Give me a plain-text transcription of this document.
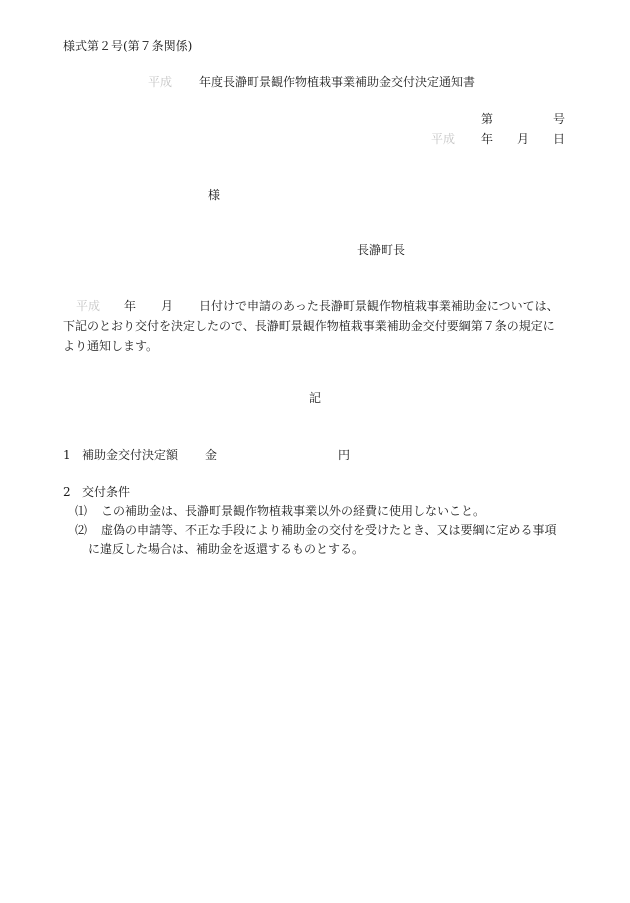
様式第２号(第７条関係)
平成 年度長瀞町景観作物植栽事業補助金交付決定通知書
第	号
平成 年 月 日
様
長瀞町長
平成 年 月 日付けで申請のあった長瀞町景観作物植栽事業補助金については、
下記のとおり交付を決定したので、長瀞町景観作物植栽事業補助金交付要綱第７条の規定に
より通知します。
記
1 補助金交付決定額 金	円
2 交付条件
⑴ この補助金は、長瀞町景観作物植栽事業以外の経費に使用しないこと。
⑵ 虚偽の申請等、不正な手段により補助金の交付を受けたとき、又は要綱に定める事項
に違反した場合は、補助金を返還するものとする。
